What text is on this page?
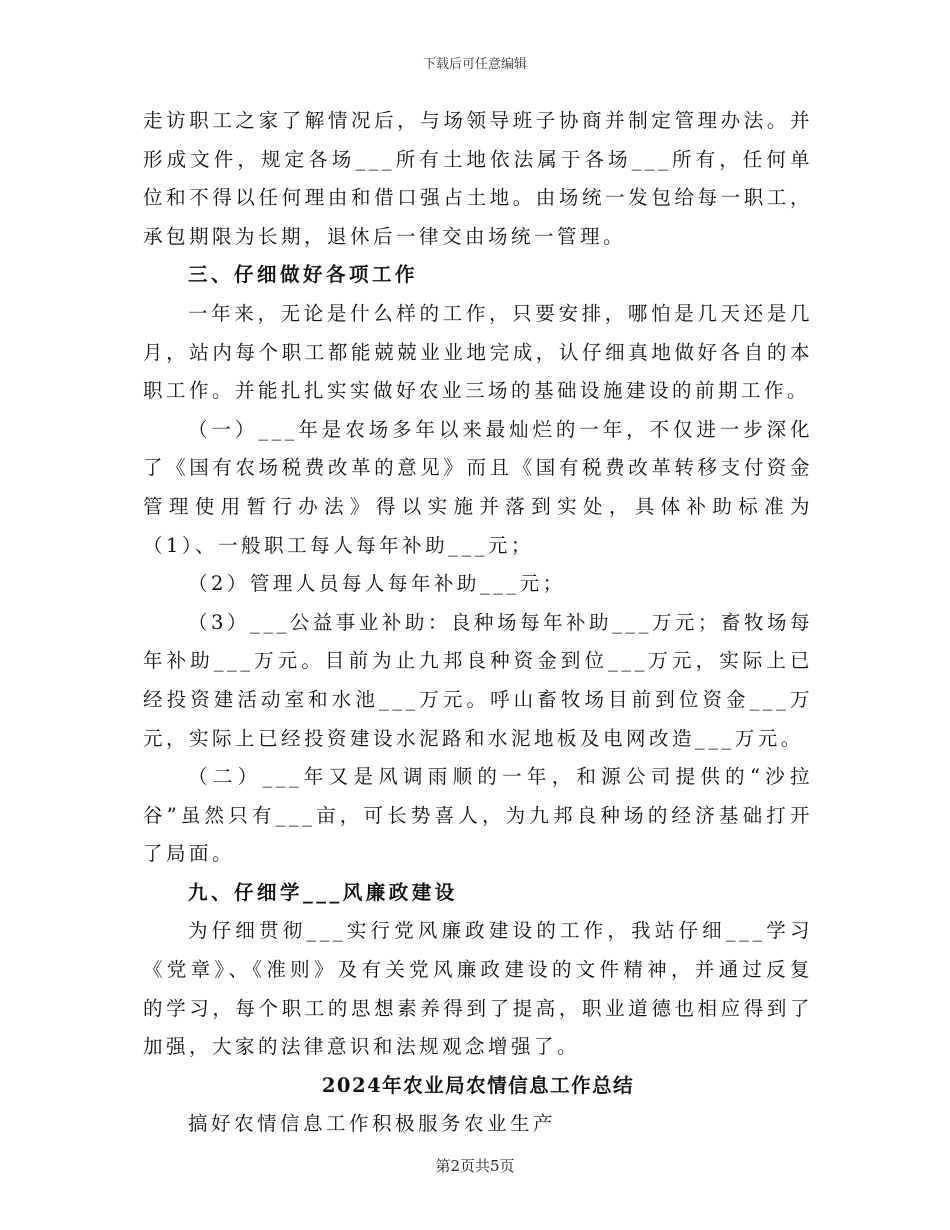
下载后可任意编辑

走访职工之家了解情况后，与场领导班子协商并制定管理办法。并形成文件，规定各场___所有土地依法属于各场___所有，任何单位和不得以任何理由和借口强占土地。由场统一发包给每一职工，承包期限为长期，退休后一律交由场统一管理。

三、仔细做好各项工作

一年来，无论是什么样的工作，只要安排，哪怕是几天还是几月，站内每个职工都能兢兢业业地完成，认仔细真地做好各自的本职工作。并能扎扎实实做好农业三场的基础设施建设的前期工作。

（一）___年是农场多年以来最灿烂的一年，不仅进一步深化了《国有农场税费改革的意见》而且《国有税费改革转移支付资金管理使用暂行办法》得以实施并落到实处，具体补助标准为（1）、一般职工每人每年补助___元；

（2）管理人员每人每年补助___元；

（3）___公益事业补助：良种场每年补助___万元；畜牧场每年补助___万元。目前为止九邦良种资金到位___万元，实际上已经投资建活动室和水池___万元。呼山畜牧场目前到位资金___万元，实际上已经投资建设水泥路和水泥地板及电网改造___万元。

（二）___年又是风调雨顺的一年，和源公司提供的“沙拉谷”虽然只有___亩，可长势喜人，为九邦良种场的经济基础打开了局面。

九、仔细学___风廉政建设

为仔细贯彻___实行党风廉政建设的工作，我站仔细___学习《党章》、《准则》及有关党风廉政建设的文件精神，并通过反复的学习，每个职工的思想素养得到了提高，职业道德也相应得到了加强，大家的法律意识和法规观念增强了。

2024年农业局农情信息工作总结

搞好农情信息工作积极服务农业生产

第2页共5页
